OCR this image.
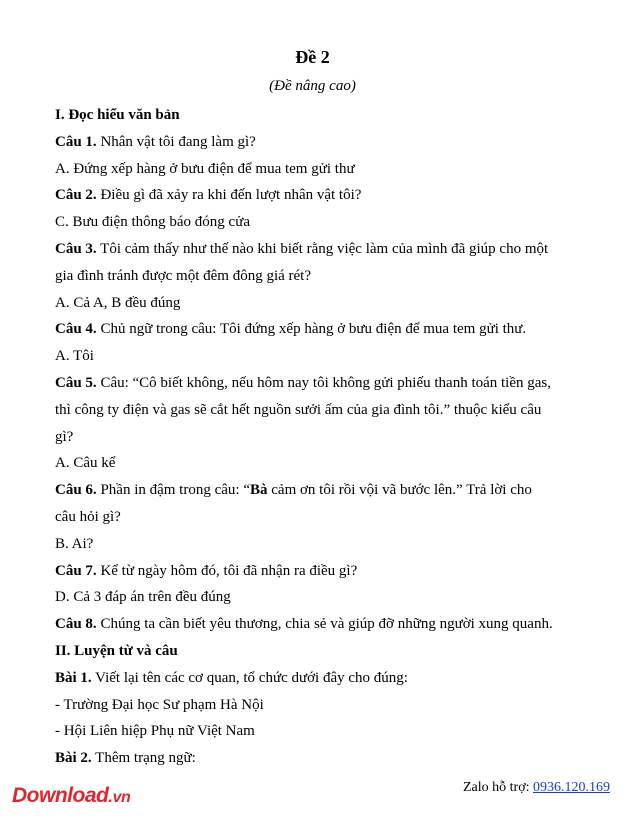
Đề 2
(Đề nâng cao)

I. Đọc hiểu văn bản

Câu 1. Nhân vật tôi đang làm gì?

A. Đứng xếp hàng ở bưu điện để mua tem gửi thư

Câu 2. Điều gì đã xảy ra khi đến lượt nhân vật tôi?

C. Bưu điện thông báo đóng cửa

Câu 3. Tôi cảm thấy như thế nào khi biết rằng việc làm của mình đã giúp cho một

gia đình tránh được một đêm đông giá rét?

A. Cả A, B đều đúng

Câu 4. Chủ ngữ trong câu: Tôi đứng xếp hàng ở bưu điện để mua tem gửi thư.

A. Tôi

Câu 5. Câu: “Cô biết không, nếu hôm nay tôi không gửi phiếu thanh toán tiền gas,

thì công ty điện và gas sẽ cắt hết nguồn sưởi ấm của gia đình tôi.” thuộc kiểu câu

gì?

A. Câu kể

Câu 6. Phần in đậm trong câu: “Bà cảm ơn tôi rồi vội vã bước lên.” Trả lời cho

câu hỏi gì?

B. Ai?

Câu 7. Kể từ ngày hôm đó, tôi đã nhận ra điều gì?

D. Cả 3 đáp án trên đều đúng

Câu 8. Chúng ta cần biết yêu thương, chia sẻ và giúp đỡ những người xung quanh.

II. Luyện từ và câu

Bài 1. Viết lại tên các cơ quan, tổ chức dưới đây cho đúng:

- Trường Đại học Sư phạm Hà Nội

- Hội Liên hiệp Phụ nữ Việt Nam

Bài 2. Thêm trạng ngữ:

Download.vn
Zalo hỗ trợ: 0936.120.169
